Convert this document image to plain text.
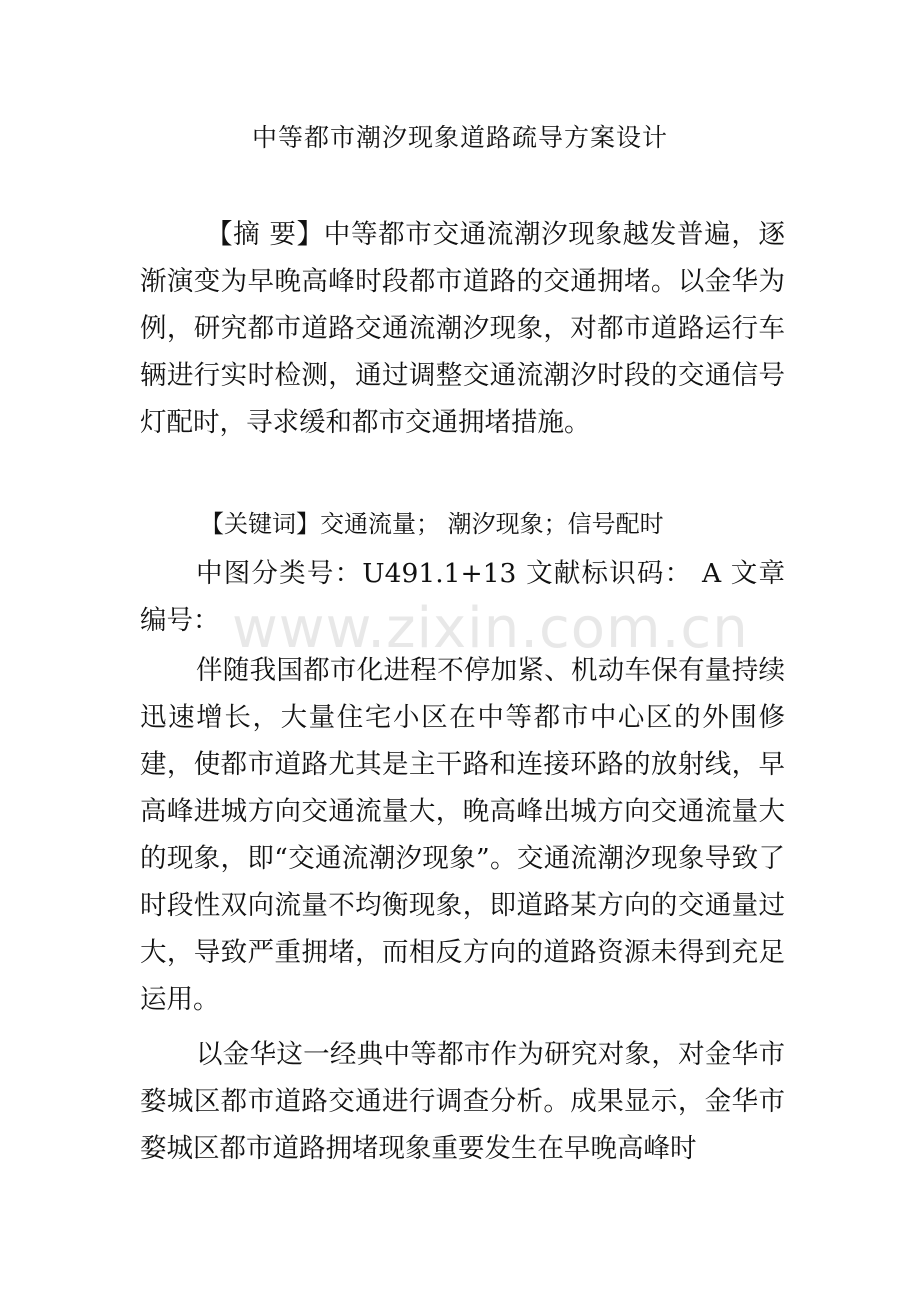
中等都市潮汐现象道路疏导方案设计

【摘 要】中等都市交通流潮汐现象越发普遍，逐渐演变为早晚高峰时段都市道路的交通拥堵。以金华为例，研究都市道路交通流潮汐现象，对都市道路运行车辆进行实时检测，通过调整交通流潮汐时段的交通信号灯配时，寻求缓和都市交通拥堵措施。

【关键词】交通流量； 潮汐现象；信号配时

中图分类号：U491.1+13 文献标识码： A 文章编号： www.zixin.com.cn

伴随我国都市化进程不停加紧、机动车保有量持续迅速增长，大量住宅小区在中等都市中心区的外围修建，使都市道路尤其是主干路和连接环路的放射线，早高峰进城方向交通流量大，晚高峰出城方向交通流量大的现象，即“交通流潮汐现象”。交通流潮汐现象导致了时段性双向流量不均衡现象，即道路某方向的交通量过大，导致严重拥堵，而相反方向的道路资源未得到充足运用。

以金华这一经典中等都市作为研究对象，对金华市婺城区都市道路交通进行调查分析。成果显示，金华市婺城区都市道路拥堵现象重要发生在早晚高峰时
